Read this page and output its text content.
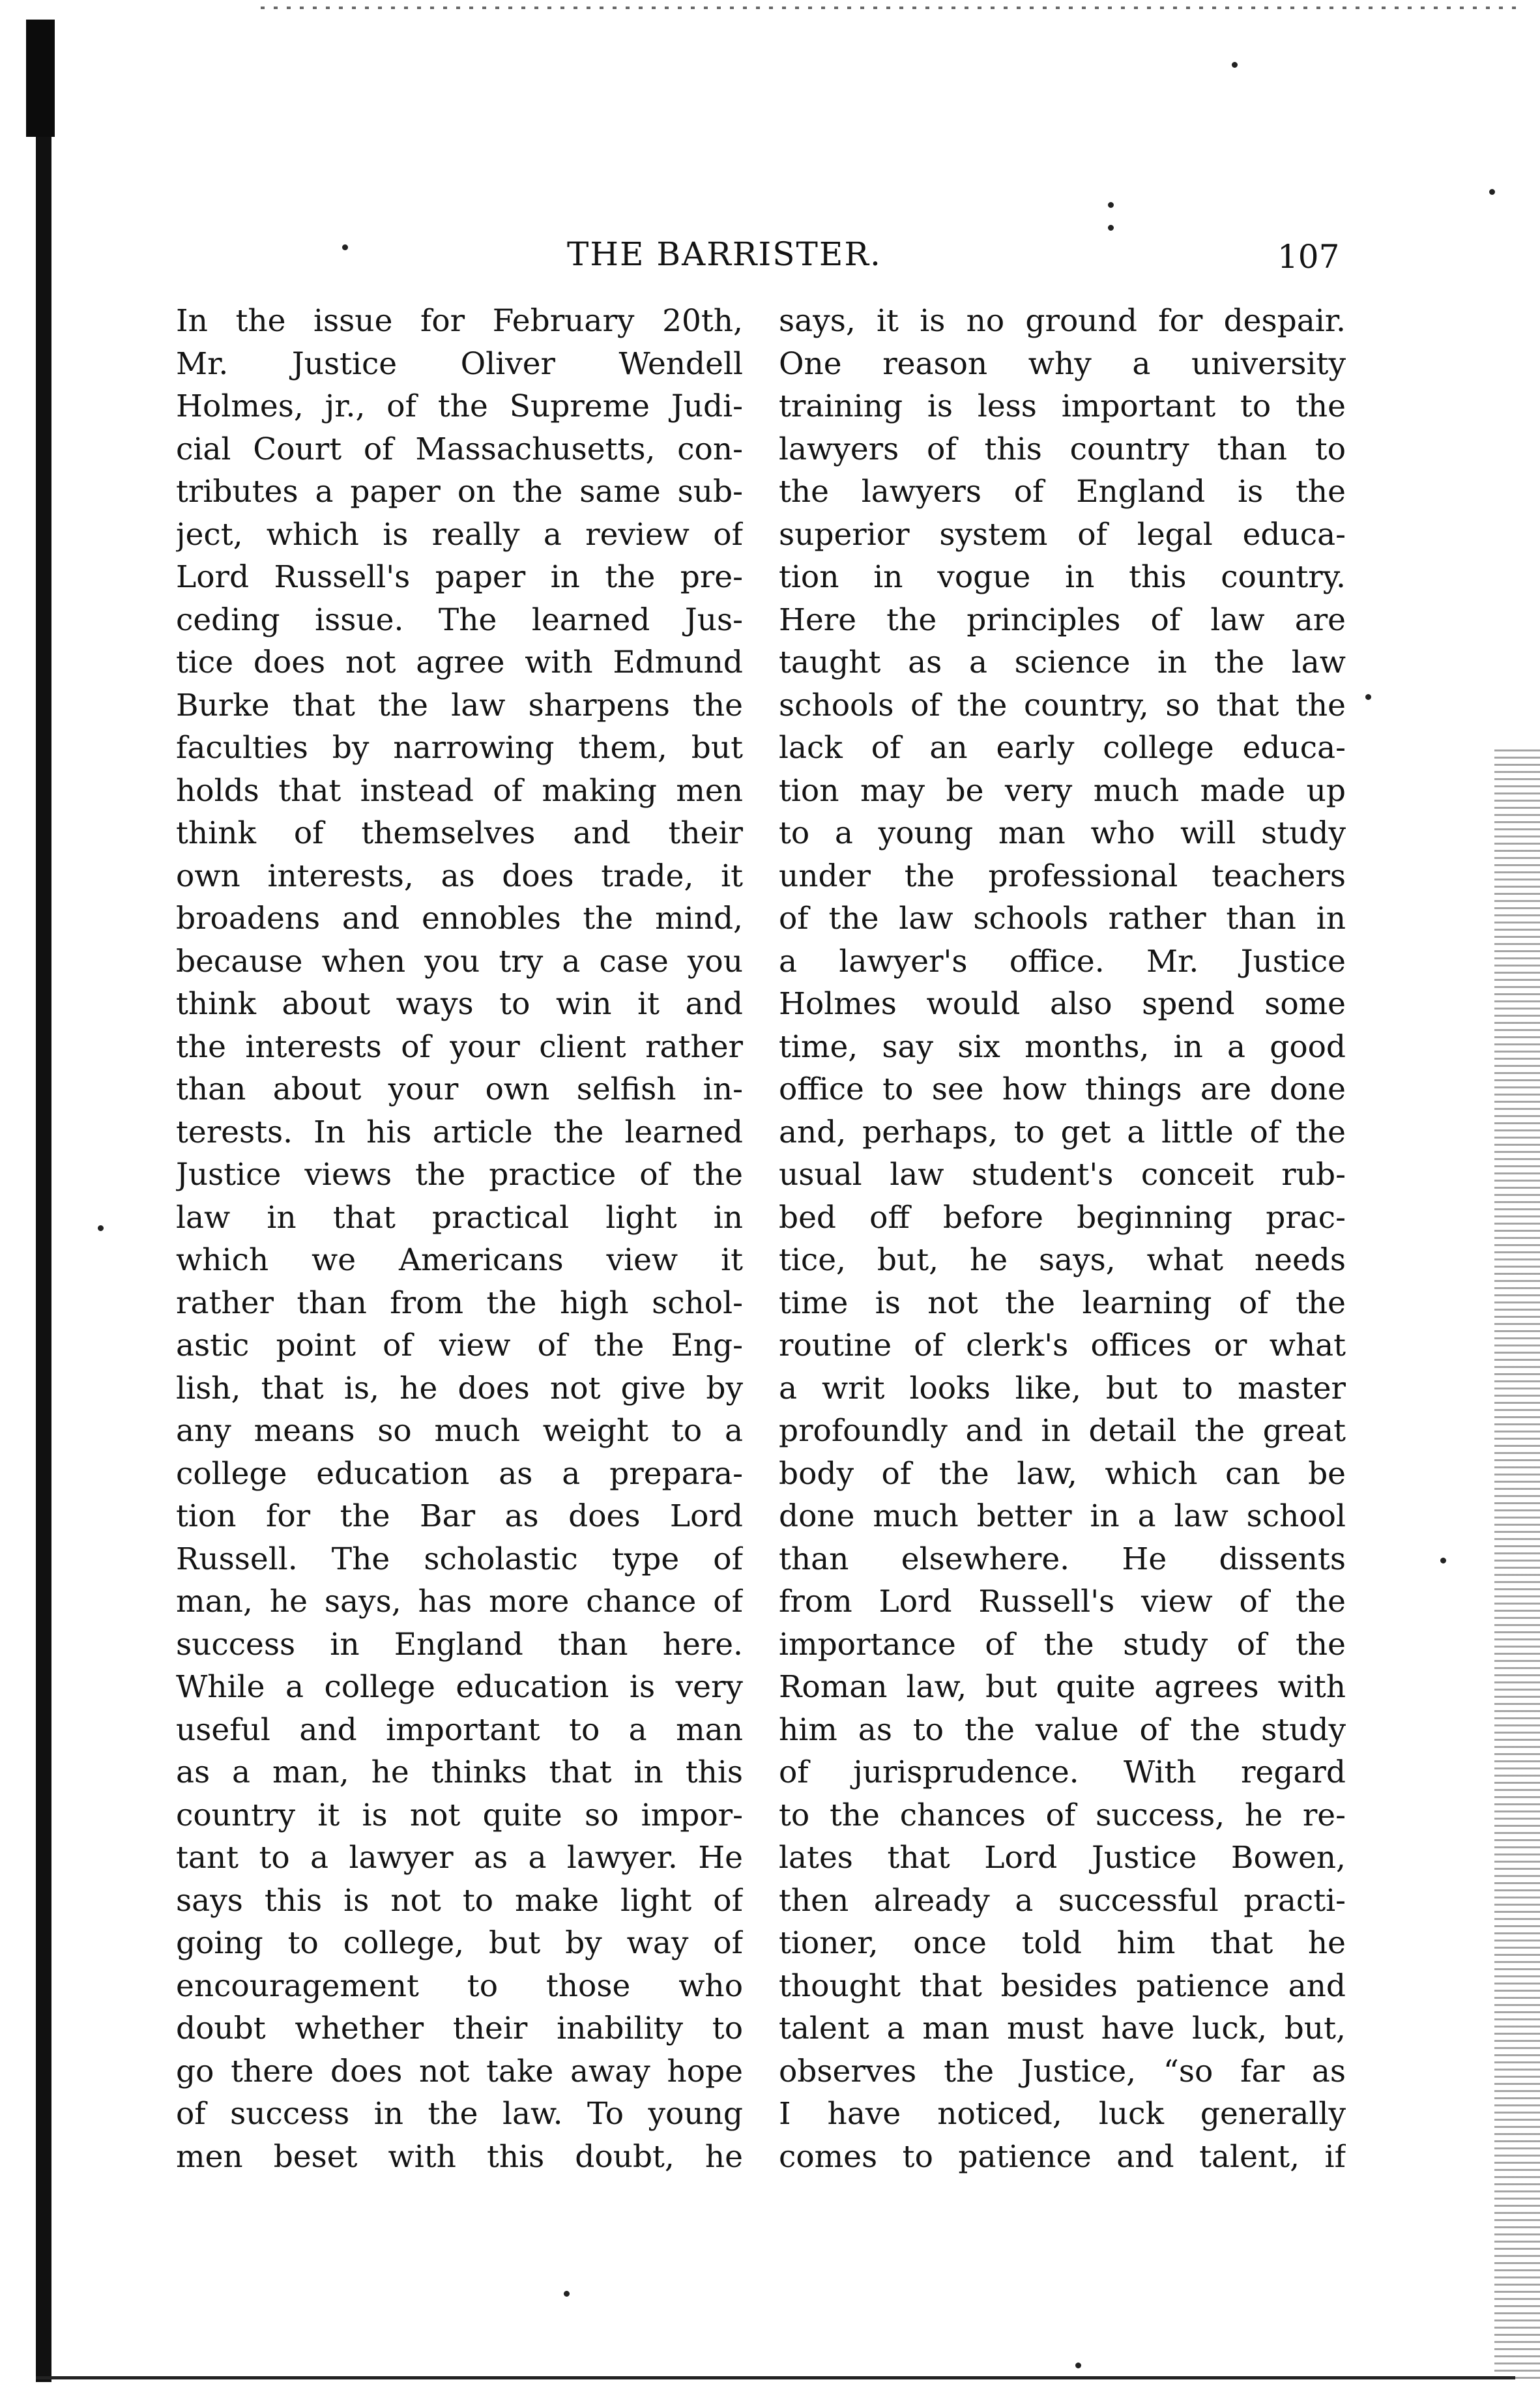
THE BARRISTER.	107
In the issue for February 20th,
Mr. Justice Oliver Wendell
Holmes, jr., of the Supreme Judi-
cial Court of Massachusetts, con-
tributes a paper on the same sub-
ject, which is really a review of
Lord Russell's paper in the pre-
ceding issue. The learned Jus-
tice does not agree with Edmund
Burke that the law sharpens the
faculties by narrowing them, but
holds that instead of making men
think of themselves and their
own interests, as does trade, it
broadens and ennobles the mind,
because when you try a case you
think about ways to win it and
the interests of your client rather
than about your own selfish in-
terests. In his article the learned
Justice views the practice of the
law in that practical light in
which we Americans view it
rather than from the high schol-
astic point of view of the Eng-
lish, that is, he does not give by
any means so much weight to a
college education as a prepara-
tion for the Bar as does Lord
Russell. The scholastic type of
man, he says, has more chance of
success in England than here.
While a college education is very
useful and important to a man
as a man, he thinks that in this
country it is not quite so impor-
tant to a lawyer as a lawyer. He
says this is not to make light of
going to college, but by way of
encouragement to those who
doubt whether their inability to
go there does not take away hope
of success in the law. To young
men beset with this doubt, he
says, it is no ground for despair.
One reason why a university
training is less important to the
lawyers of this country than to
the lawyers of England is the
superior system of legal educa-
tion in vogue in this country.
Here the principles of law are
taught as a science in the law
schools of the country, so that the
lack of an early college educa-
tion may be very much made up
to a young man who will study
under the professional teachers
of the law schools rather than in
a lawyer's office. Mr. Justice
Holmes would also spend some
time, say six months, in a good
office to see how things are done
and, perhaps, to get a little of the
usual law student's conceit rub-
bed off before beginning prac-
tice, but, he says, what needs
time is not the learning of the
routine of clerk's offices or what
a writ looks like, but to master
profoundly and in detail the great
body of the law, which can be
done much better in a law school
than elsewhere. He dissents
from Lord Russell's view of the
importance of the study of the
Roman law, but quite agrees with
him as to the value of the study
of jurisprudence. With regard
to the chances of success, he re-
lates that Lord Justice Bowen,
then already a successful practi-
tioner, once told him that he
thought that besides patience and
talent a man must have luck, but,
observes the Justice, “so far as
I have noticed, luck generally
comes to patience and talent, if
